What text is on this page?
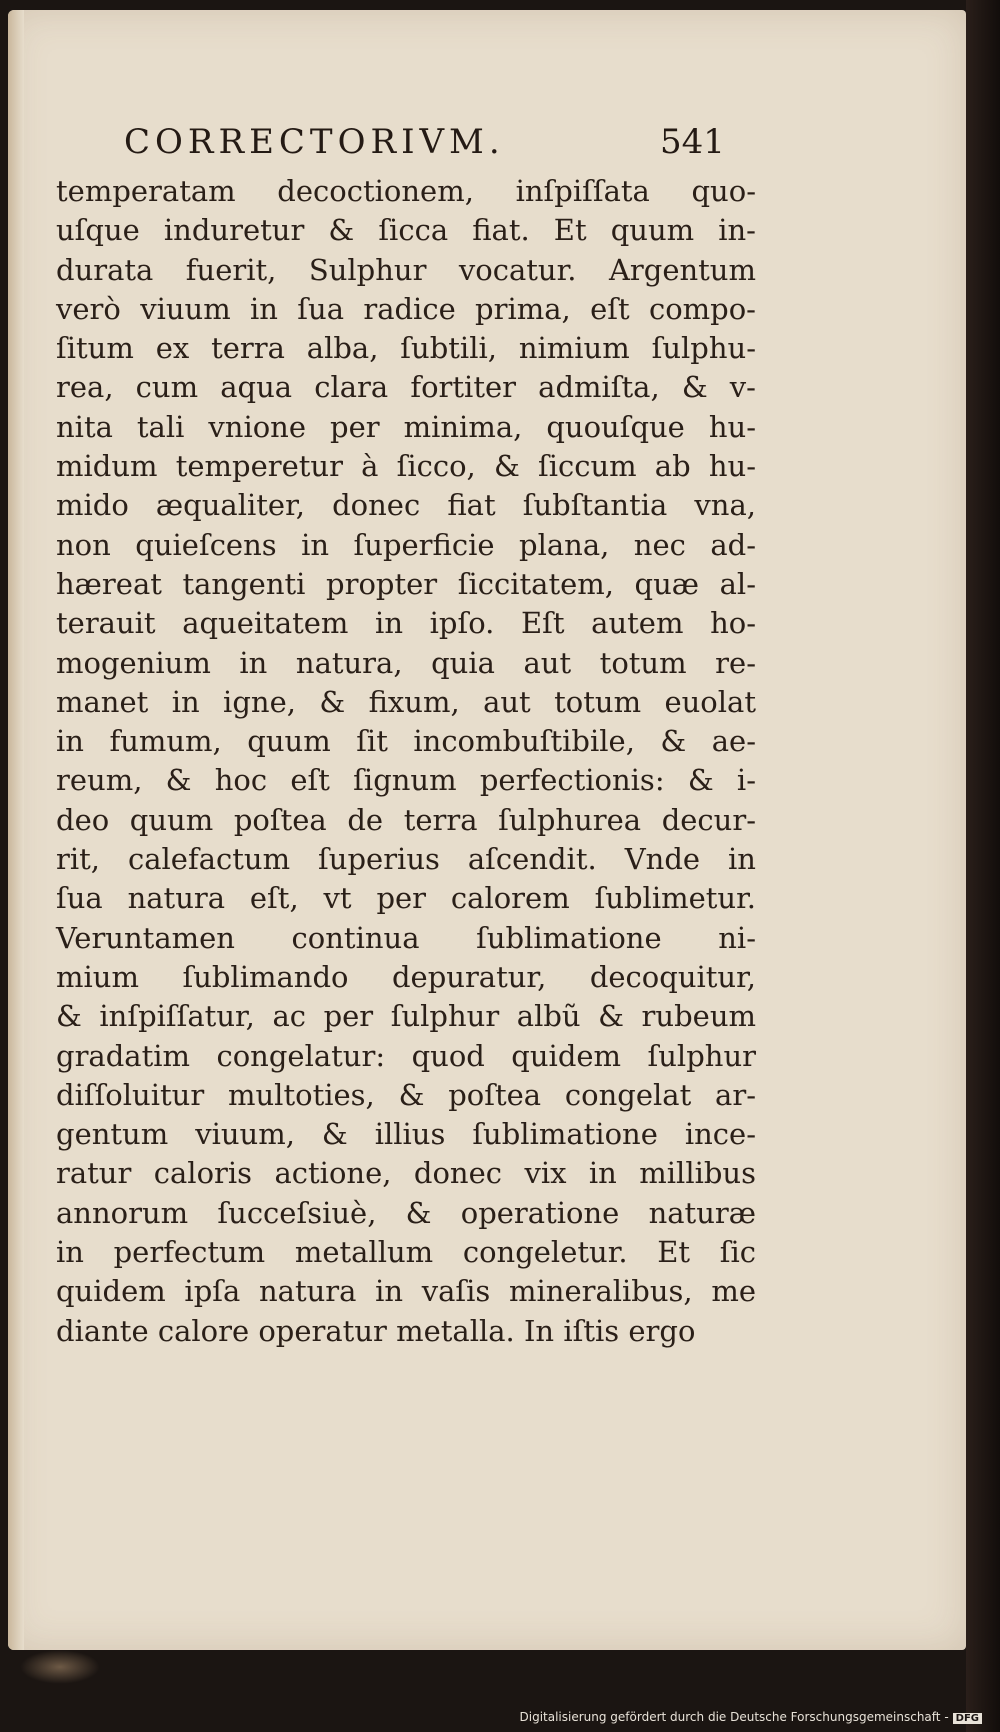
CORRECTORIVM.	541
temperatam decoctionem, inſpiſſata quo-
uſque induretur & ſicca fiat. Et quum in-
durata fuerit, Sulphur vocatur. Argentum
verò viuum in ſua radice prima, eſt compo-
ſitum ex terra alba, ſubtili, nimium ſulphu-
rea, cum aqua clara fortiter admiſta, & v-
nita tali vnione per minima, quouſque hu-
midum temperetur à ſicco, & ſiccum ab hu-
mido æqualiter, donec fiat ſubſtantia vna,
non quieſcens in ſuperficie plana, nec ad-
hæreat tangenti propter ſiccitatem, quæ al-
terauit aqueitatem in ipſo. Eſt autem ho-
mogenium in natura, quia aut totum re-
manet in igne, & fixum, aut totum euolat
in fumum, quum ſit incombuſtibile, & ae-
reum, & hoc eſt ſignum perfectionis: & i-
deo quum poſtea de terra ſulphurea decur-
rit, calefactum ſuperius aſcendit. Vnde in
ſua natura eſt, vt per calorem ſublimetur.
Veruntamen continua ſublimatione ni-
mium ſublimando depuratur, decoquitur,
& inſpiſſatur, ac per ſulphur albũ & rubeum
gradatim congelatur: quod quidem ſulphur
diſſoluitur multoties, & poſtea congelat ar-
gentum viuum, & illius ſublimatione ince-
ratur caloris actione, donec vix in millibus
annorum ſucceſsiuè, & operatione naturæ
in perfectum metallum congeletur. Et ſic
quidem ipſa natura in vaſis mineralibus, me
diante calore operatur metalla. In iſtis ergo
Digitalisierung gefördert durch die Deutsche Forschungsgemeinschaft - DFG
